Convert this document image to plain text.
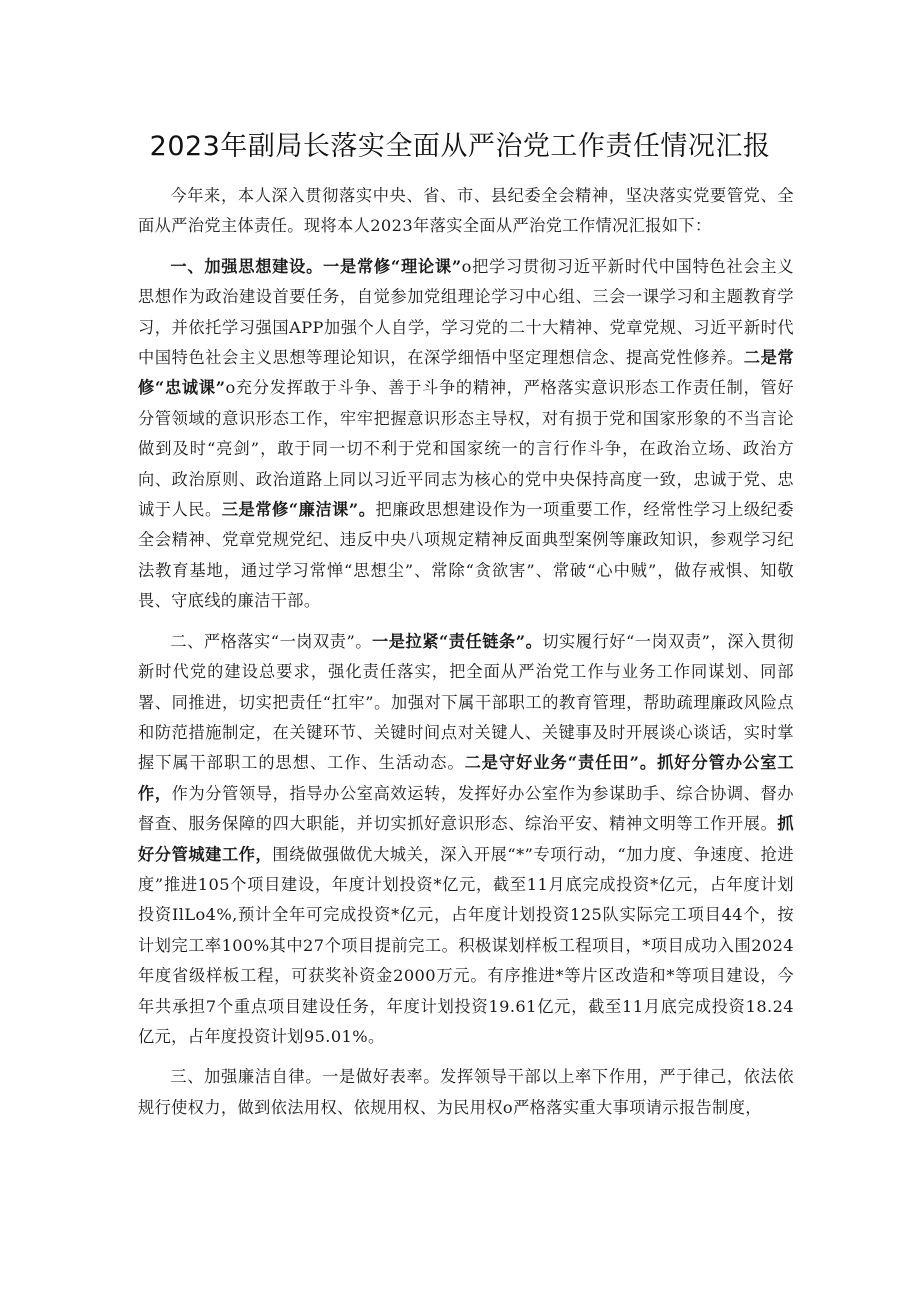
2023年副局长落实全面从严治党工作责任情况汇报

今年来，本人深入贯彻落实中央、省、市、县纪委全会精神，坚决落实党要管党、全面从严治党主体责任。现将本人2023年落实全面从严治党工作情况汇报如下：

一、加强思想建设。一是常修“理论课”o把学习贯彻习近平新时代中国特色社会主义思想作为政治建设首要任务，自觉参加党组理论学习中心组、三会一课学习和主题教育学习，并依托学习强国APP加强个人自学，学习党的二十大精神、党章党规、习近平新时代中国特色社会主义思想等理论知识，在深学细悟中坚定理想信念、提高党性修养。二是常修“忠诚课”o充分发挥敢于斗争、善于斗争的精神，严格落实意识形态工作责任制，管好分管领域的意识形态工作，牢牢把握意识形态主导权，对有损于党和国家形象的不当言论做到及时“亮剑”，敢于同一切不利于党和国家统一的言行作斗争，在政治立场、政治方向、政治原则、政治道路上同以习近平同志为核心的党中央保持高度一致，忠诚于党、忠诚于人民。三是常修“廉洁课”。把廉政思想建设作为一项重要工作，经常性学习上级纪委全会精神、党章党规党纪、违反中央八项规定精神反面典型案例等廉政知识，参观学习纪法教育基地，通过学习常惮“思想尘”、常除“贪欲害”、常破“心中贼”，做存戒惧、知敬畏、守底线的廉洁干部。

二、严格落实“一岗双责”。一是拉紧“责任链条”。切实履行好“一岗双责”，深入贯彻新时代党的建设总要求，强化责任落实，把全面从严治党工作与业务工作同谋划、同部署、同推进，切实把责任“扛牢”。加强对下属干部职工的教育管理，帮助疏理廉政风险点和防范措施制定，在关键环节、关键时间点对关键人、关键事及时开展谈心谈话，实时掌握下属干部职工的思想、工作、生活动态。二是守好业务“责任田”。抓好分管办公室工作，作为分管领导，指导办公室高效运转，发挥好办公室作为参谋助手、综合协调、督办督查、服务保障的四大职能，并切实抓好意识形态、综治平安、精神文明等工作开展。抓好分管城建工作，围绕做强做优大城关，深入开展“*”专项行动，“加力度、争速度、抢进度”推进105个项目建设，年度计划投资*亿元，截至11月底完成投资*亿元，占年度计划投资IlLo4%,预计全年可完成投资*亿元，占年度计划投资125队实际完工项目44个，按计划完工率100%其中27个项目提前完工。积极谋划样板工程项目，*项目成功入围2024年度省级样板工程，可获奖补资金2000万元。有序推进*等片区改造和*等项目建设，今年共承担7个重点项目建设任务，年度计划投资19.61亿元，截至11月底完成投资18.24亿元，占年度投资计划95.01%。

三、加强廉洁自律。一是做好表率。发挥领导干部以上率下作用，严于律己，依法依规行使权力，做到依法用权、依规用权、为民用权o严格落实重大事项请示报告制度，
